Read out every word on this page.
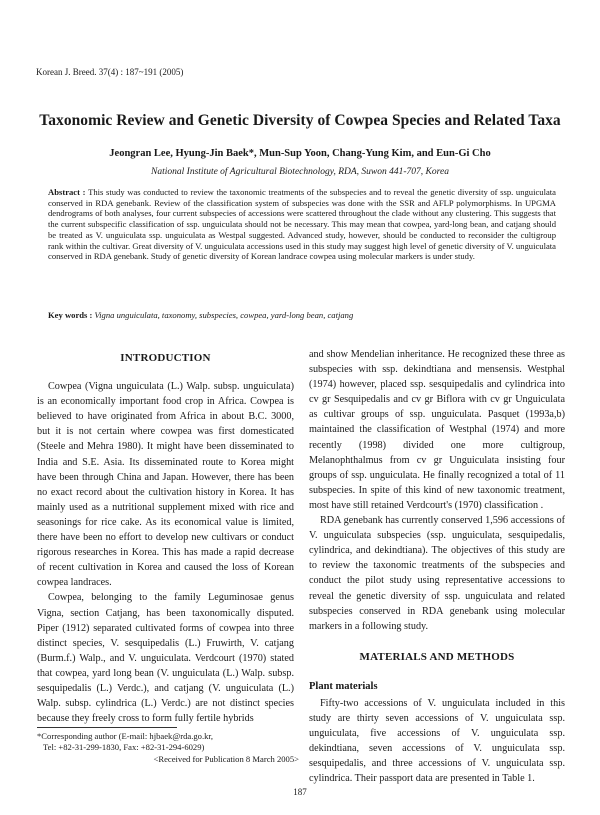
Korean J. Breed. 37(4) : 187~191 (2005)
Taxonomic Review and Genetic Diversity of Cowpea Species and Related Taxa
Jeongran Lee, Hyung-Jin Baek*, Mun-Sup Yoon, Chang-Yung Kim, and Eun-Gi Cho
National Institute of Agricultural Biotechnology, RDA, Suwon 441-707, Korea
Abstract : This study was conducted to review the taxonomic treatments of the subspecies and to reveal the genetic diversity of ssp. unguiculata conserved in RDA genebank. Review of the classification system of subspecies was done with the SSR and AFLP polymorphisms. In UPGMA dendrograms of both analyses, four current subspecies of accessions were scattered throughout the clade without any clustering. This suggests that the current subspecific classification of ssp. unguiculata should not be necessary. This may mean that cowpea, yard-long bean, and catjang should be treated as V. unguiculata ssp. unguiculata as Westpal suggested. Advanced study, however, should be conducted to reconsider the cultigroup rank within the cultivar. Great diversity of V. unguiculata accessions used in this study may suggest high level of genetic diversity of V. unguiculata conserved in RDA genebank. Study of genetic diversity of Korean landrace cowpea using molecular markers is under study.
Key words : Vigna unguiculata, taxonomy, subspecies, cowpea, yard-long bean, catjang
INTRODUCTION

Cowpea (Vigna unguiculata (L.) Walp. subsp. unguiculata) is an economically important food crop in Africa. Cowpea is believed to have originated from Africa in about B.C. 3000, but it is not certain where cowpea was first domesticated (Steele and Mehra 1980). It might have been disseminated to India and S.E. Asia. Its disseminated route to Korea might have been through China and Japan. However, there has been no exact record about the cultivation history in Korea. It has mainly used as a nutritional supplement mixed with rice and seasonings for rice cake. As its economical value is limited, there have been no effort to develop new cultivars or conduct rigorous researches in Korea. This has made a rapid decrease of recent cultivation in Korea and caused the loss of Korean cowpea landraces.

Cowpea, belonging to the family Leguminosae genus Vigna, section Catjang, has been taxonomically disputed. Piper (1912) separated cultivated forms of cowpea into three distinct species, V. sesquipedalis (L.) Fruwirth, V. catjang (Burm.f.) Walp., and V. unguiculata. Verdcourt (1970) stated that cowpea, yard long bean (V. unguiculata (L.) Walp. subsp. sesquipedalis (L.) Verdc.), and catjang (V. unguiculata (L.) Walp. subsp. cylindrica (L.) Verdc.) are not distinct species because they freely cross to form fully fertile hybrids

and show Mendelian inheritance. He recognized these three as subspecies with ssp. dekindtiana and mensensis. Westphal (1974) however, placed ssp. sesquipedalis and cylindrica into cv gr Sesquipedalis and cv gr Biflora with cv gr Unguiculata as cultivar groups of ssp. unguiculata. Pasquet (1993a,b) maintained the classification of Westphal (1974) and more recently (1998) divided one more cultigroup, Melanophthalmus from cv gr Unguiculata insisting four groups of ssp. unguiculata. He finally recognized a total of 11 subspecies. In spite of this kind of new taxonomic treatment, most have still retained Verdcourt's (1970) classification .

RDA genebank has currently conserved 1,596 accessions of V. unguiculata subspecies (ssp. unguiculata, sesquipedalis, cylindrica, and dekindtiana). The objectives of this study are to review the taxonomic treatments of the subspecies and conduct the pilot study using representative accessions to reveal the genetic diversity of ssp. unguiculata and related subspecies conserved in RDA genebank using molecular markers in a following study.

MATERIALS AND METHODS
Plant materials

Fifty-two accessions of V. unguiculata included in this study are thirty seven accessions of V. unguiculata ssp. unguiculata, five accessions of V. unguiculata ssp. dekindtiana, seven accessions of V. unguiculata ssp. sesquipedalis, and three accessions of V. unguiculata ssp. cylindrica. Their passport data are presented in Table 1.

*Corresponding author (E-mail: hjbaek@rda.go.kr,
Tel: +82-31-299-1830, Fax: +82-31-294-6029)
<Received for Publication 8 March 2005>
187
